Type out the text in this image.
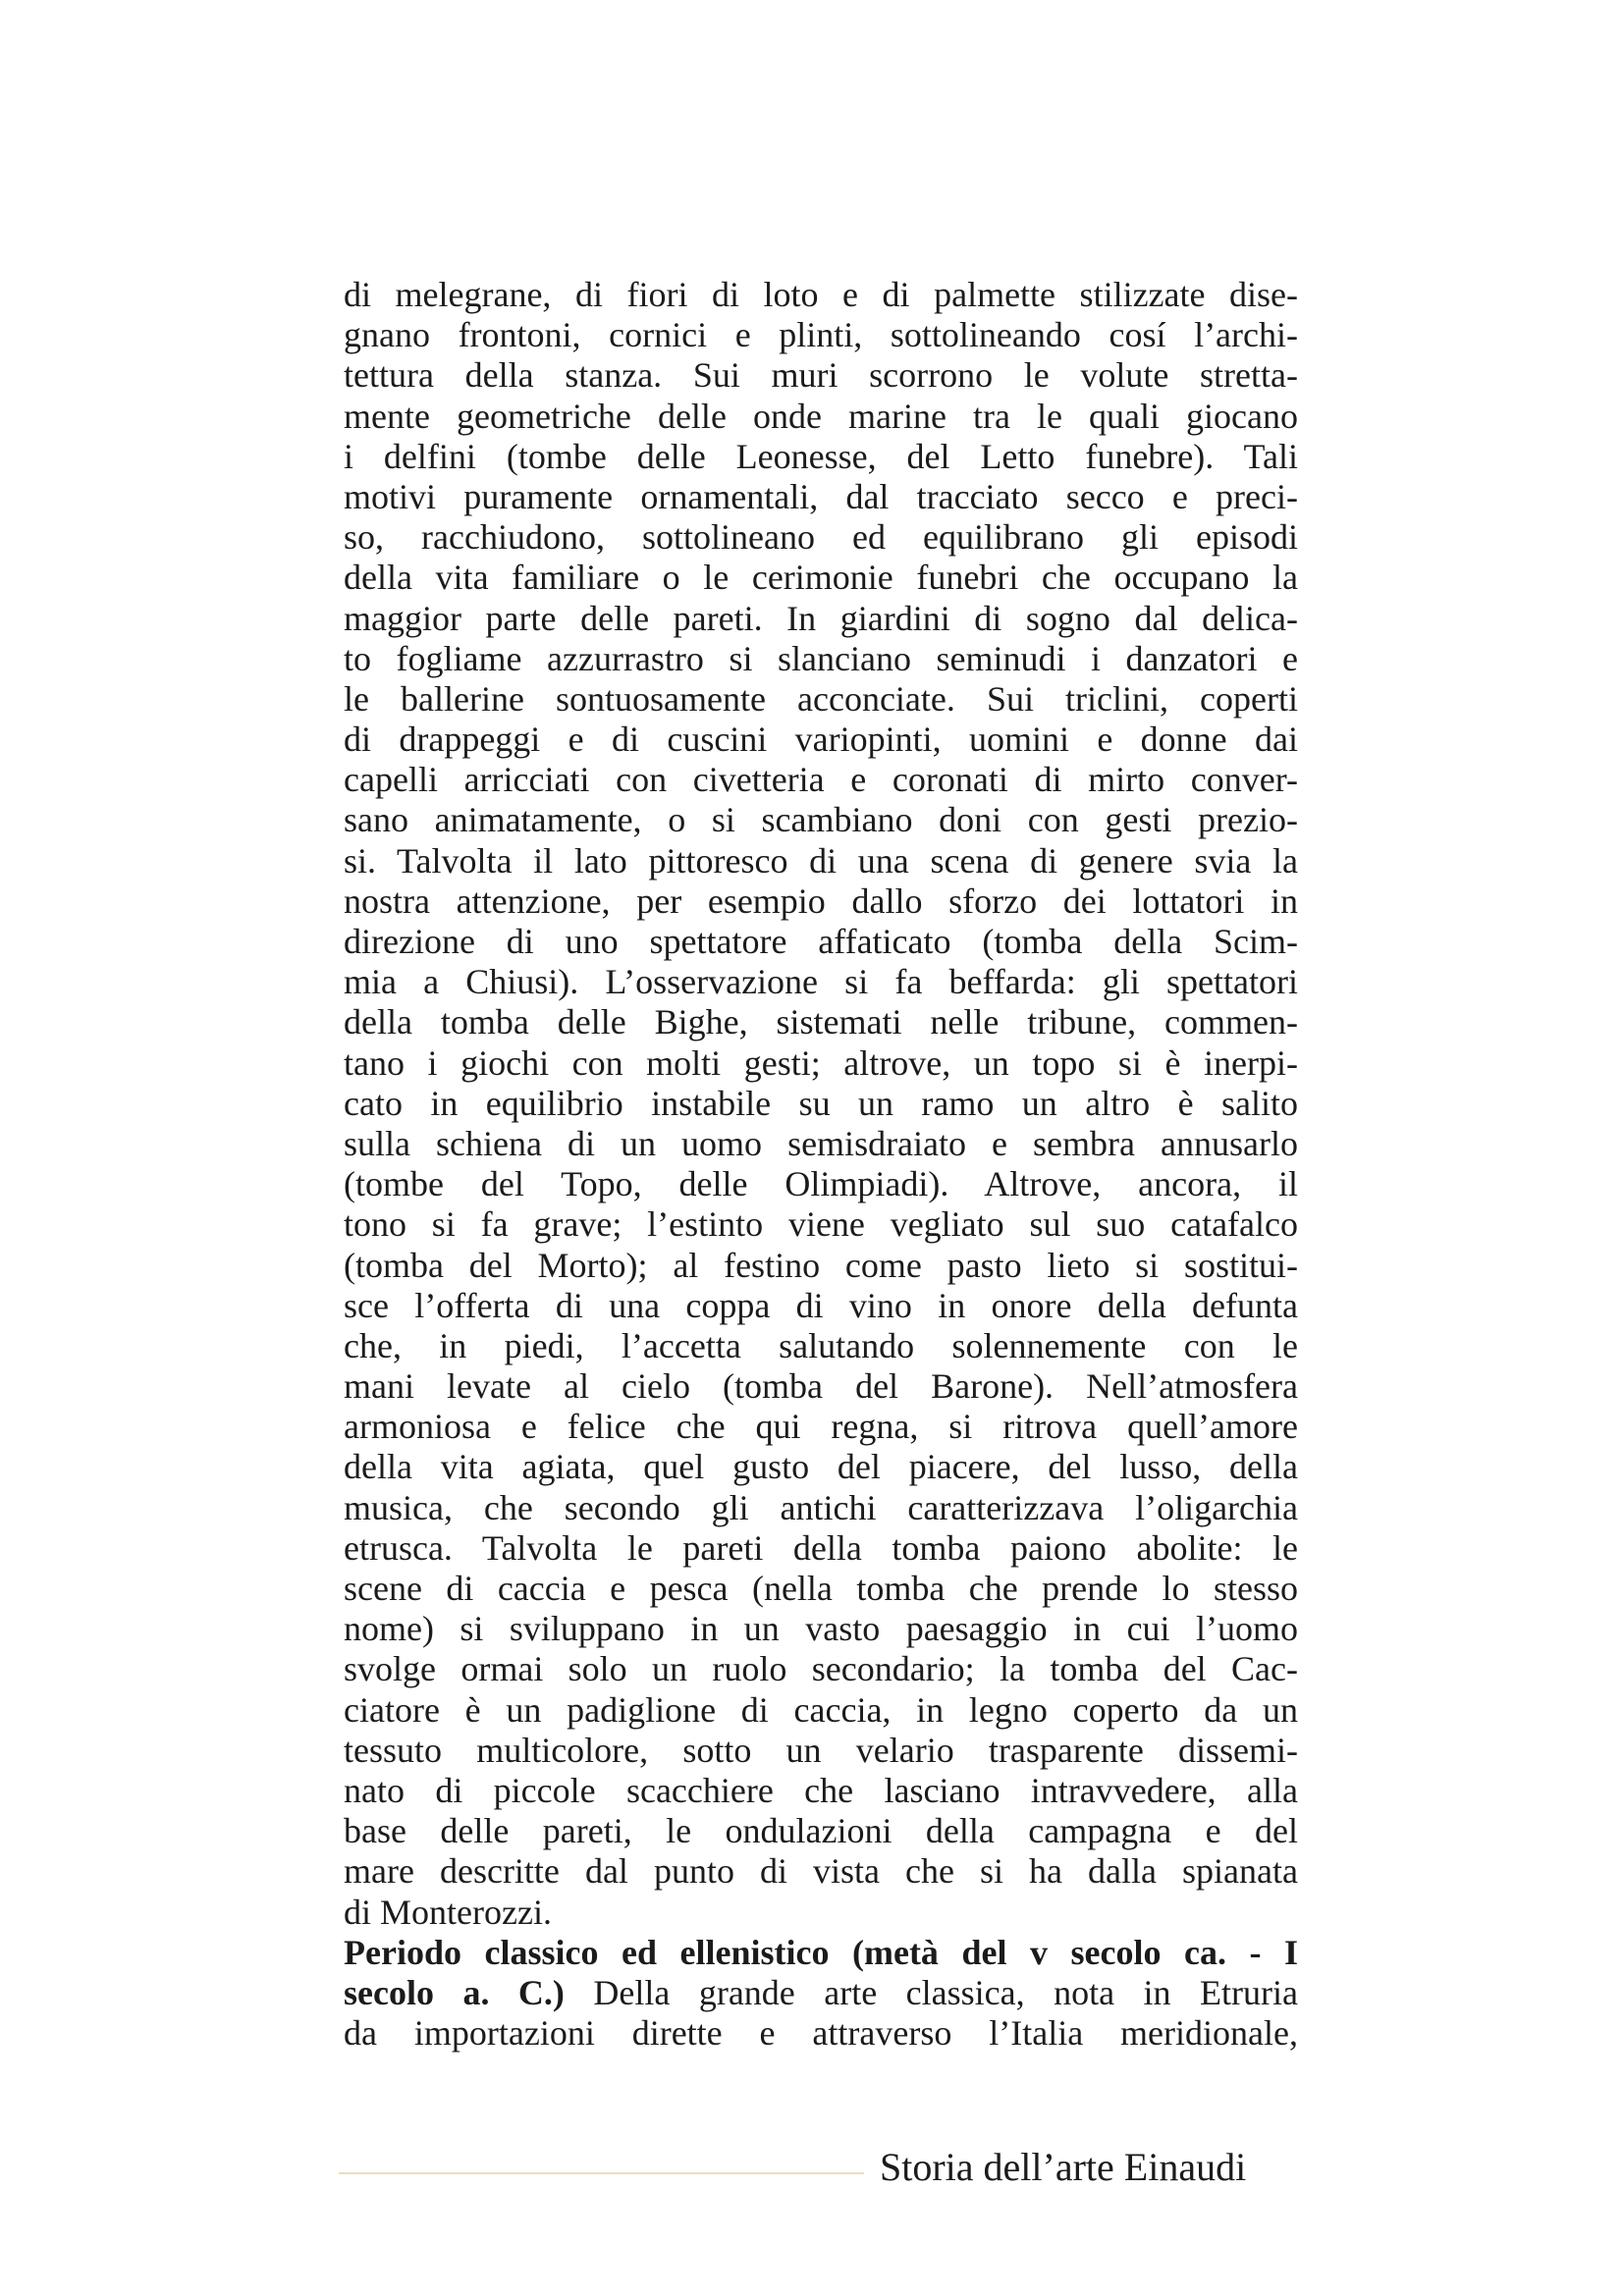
di melegrane, di fiori di loto e di palmette stilizzate dise-
gnano frontoni, cornici e plinti, sottolineando cosí l’archi-
tettura della stanza. Sui muri scorrono le volute stretta-
mente geometriche delle onde marine tra le quali giocano
i delfini (tombe delle Leonesse, del Letto funebre). Tali
motivi puramente ornamentali, dal tracciato secco e preci-
so, racchiudono, sottolineano ed equilibrano gli episodi
della vita familiare o le cerimonie funebri che occupano la
maggior parte delle pareti. In giardini di sogno dal delica-
to fogliame azzurrastro si slanciano seminudi i danzatori e
le ballerine sontuosamente acconciate. Sui triclini, coperti
di drappeggi e di cuscini variopinti, uomini e donne dai
capelli arricciati con civetteria e coronati di mirto conver-
sano animatamente, o si scambiano doni con gesti prezio-
si. Talvolta il lato pittoresco di una scena di genere svia la
nostra attenzione, per esempio dallo sforzo dei lottatori in
direzione di uno spettatore affaticato (tomba della Scim-
mia a Chiusi). L’osservazione si fa beffarda: gli spettatori
della tomba delle Bighe, sistemati nelle tribune, commen-
tano i giochi con molti gesti; altrove, un topo si è inerpi-
cato in equilibrio instabile su un ramo un altro è salito
sulla schiena di un uomo semisdraiato e sembra annusarlo
(tombe del Topo, delle Olimpiadi). Altrove, ancora, il
tono si fa grave; l’estinto viene vegliato sul suo catafalco
(tomba del Morto); al festino come pasto lieto si sostitui-
sce l’offerta di una coppa di vino in onore della defunta
che, in piedi, l’accetta salutando solennemente con le
mani levate al cielo (tomba del Barone). Nell’atmosfera
armoniosa e felice che qui regna, si ritrova quell’amore
della vita agiata, quel gusto del piacere, del lusso, della
musica, che secondo gli antichi caratterizzava l’oligarchia
etrusca. Talvolta le pareti della tomba paiono abolite: le
scene di caccia e pesca (nella tomba che prende lo stesso
nome) si sviluppano in un vasto paesaggio in cui l’uomo
svolge ormai solo un ruolo secondario; la tomba del Cac-
ciatore è un padiglione di caccia, in legno coperto da un
tessuto multicolore, sotto un velario trasparente dissemi-
nato di piccole scacchiere che lasciano intravvedere, alla
base delle pareti, le ondulazioni della campagna e del
mare descritte dal punto di vista che si ha dalla spianata
di Monterozzi.
Periodo classico ed ellenistico (metà del v secolo ca. - I
secolo a. C.) Della grande arte classica, nota in Etruria
da importazioni dirette e attraverso l’Italia meridionale,
Storia dell’arte Einaudi
